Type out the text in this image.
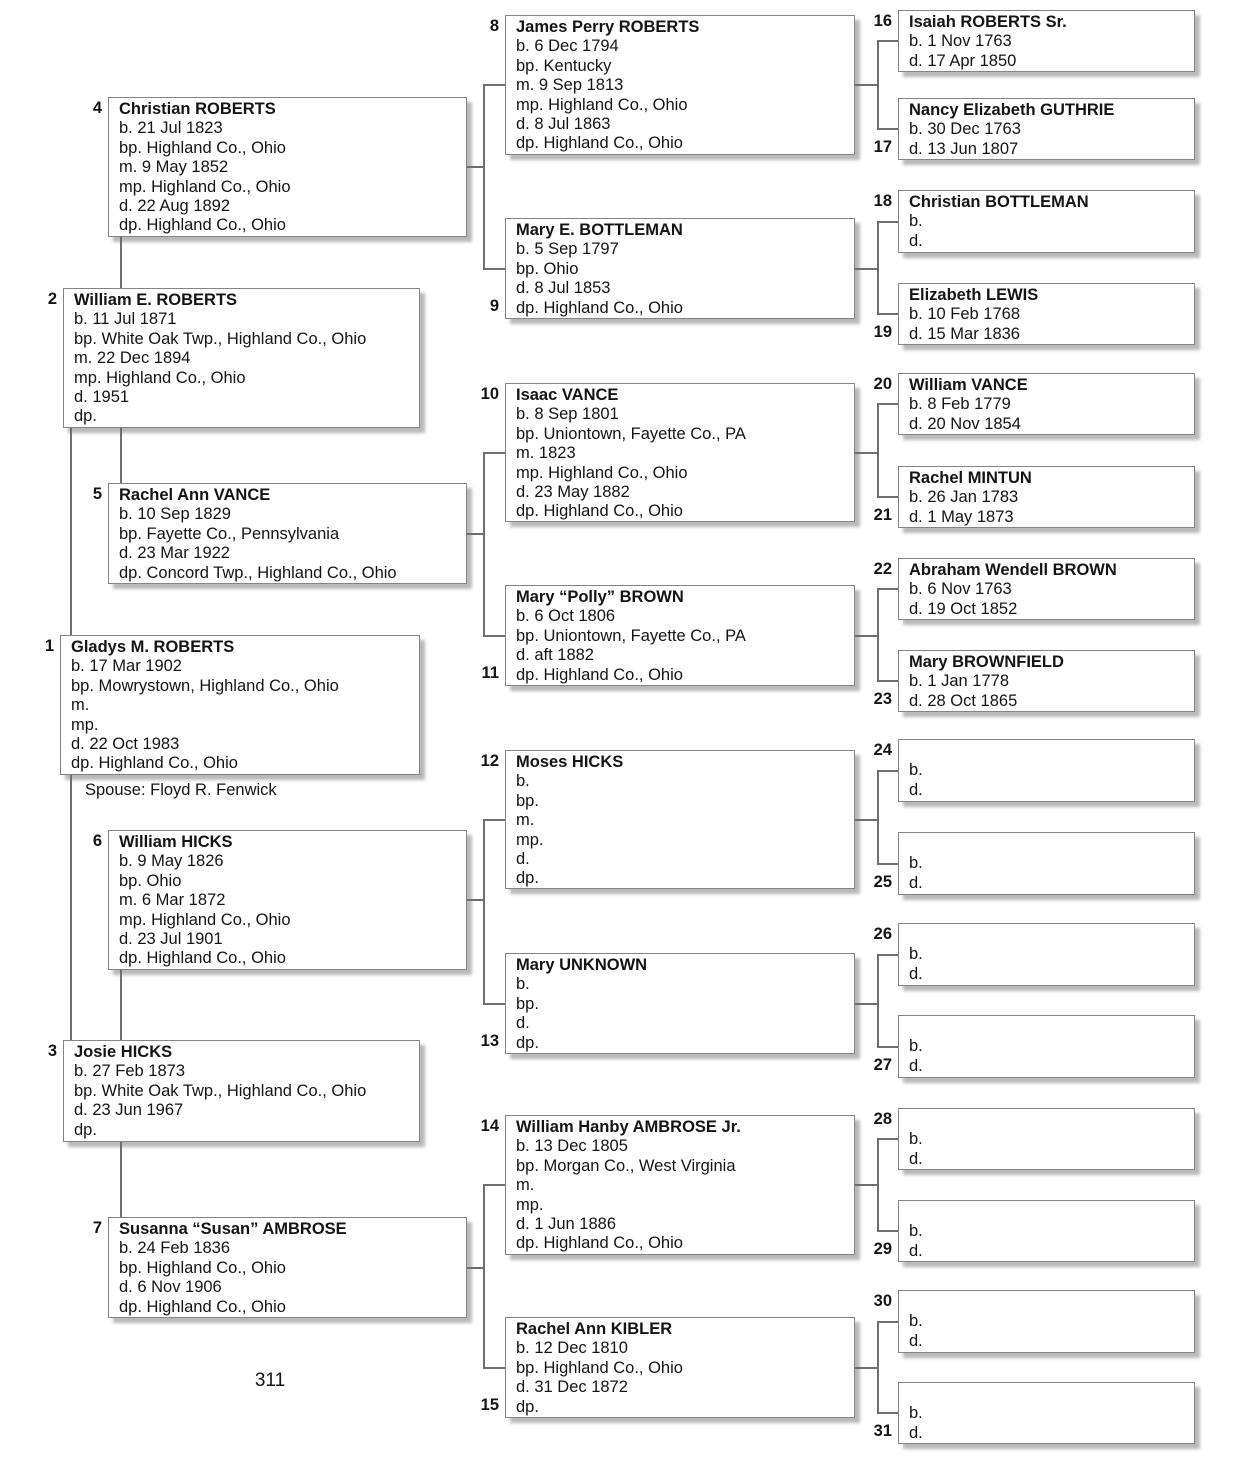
Spouse: Floyd R. Fenwick
311
Gladys M. ROBERTS
b. 17 Mar 1902
bp. Mowrystown, Highland Co., Ohio
m.
mp.
d. 22 Oct 1983
dp. Highland Co., Ohio
1
William E. ROBERTS
b. 11 Jul 1871
bp. White Oak Twp., Highland Co., Ohio
m. 22 Dec 1894
mp. Highland Co., Ohio
d. 1951
dp.
2
Josie HICKS
b. 27 Feb 1873
bp. White Oak Twp., Highland Co., Ohio
d. 23 Jun 1967
dp.
3
Christian ROBERTS
b. 21 Jul 1823
bp. Highland Co., Ohio
m. 9 May 1852
mp. Highland Co., Ohio
d. 22 Aug 1892
dp. Highland Co., Ohio
4
Rachel Ann VANCE
b. 10 Sep 1829
bp. Fayette Co., Pennsylvania
d. 23 Mar 1922
dp. Concord Twp., Highland Co., Ohio
5
William HICKS
b. 9 May 1826
bp. Ohio
m. 6 Mar 1872
mp. Highland Co., Ohio
d. 23 Jul 1901
dp. Highland Co., Ohio
6
Susanna “Susan” AMBROSE
b. 24 Feb 1836
bp. Highland Co., Ohio
d. 6 Nov 1906
dp. Highland Co., Ohio
7
James Perry ROBERTS
b. 6 Dec 1794
bp. Kentucky
m. 9 Sep 1813
mp. Highland Co., Ohio
d. 8 Jul 1863
dp. Highland Co., Ohio
8
Mary E. BOTTLEMAN
b. 5 Sep 1797
bp. Ohio
d. 8 Jul 1853
dp. Highland Co., Ohio
9
Isaac VANCE
b. 8 Sep 1801
bp. Uniontown, Fayette Co., PA
m. 1823
mp. Highland Co., Ohio
d. 23 May 1882
dp. Highland Co., Ohio
10
Mary “Polly” BROWN
b. 6 Oct 1806
bp. Uniontown, Fayette Co., PA
d. aft 1882
dp. Highland Co., Ohio
11
Moses HICKS
b.
bp.
m.
mp.
d.
dp.
12
Mary UNKNOWN
b.
bp.
d.
dp.
13
William Hanby AMBROSE Jr.
b. 13 Dec 1805
bp. Morgan Co., West Virginia
m.
mp.
d. 1 Jun 1886
dp. Highland Co., Ohio
14
Rachel Ann KIBLER
b. 12 Dec 1810
bp. Highland Co., Ohio
d. 31 Dec 1872
dp.
15
Isaiah ROBERTS Sr.
b. 1 Nov 1763
d. 17 Apr 1850
16
Nancy Elizabeth GUTHRIE
b. 30 Dec 1763
d. 13 Jun 1807
17
Christian BOTTLEMAN
b.
d.
18
Elizabeth LEWIS
b. 10 Feb 1768
d. 15 Mar 1836
19
William VANCE
b. 8 Feb 1779
d. 20 Nov 1854
20
Rachel MINTUN
b. 26 Jan 1783
d. 1 May 1873
21
Abraham Wendell BROWN
b. 6 Nov 1763
d. 19 Oct 1852
22
Mary BROWNFIELD
b. 1 Jan 1778
d. 28 Oct 1865
23
b.
d.
24
b.
d.
25
b.
d.
26
b.
d.
27
b.
d.
28
b.
d.
29
b.
d.
30
b.
d.
31
